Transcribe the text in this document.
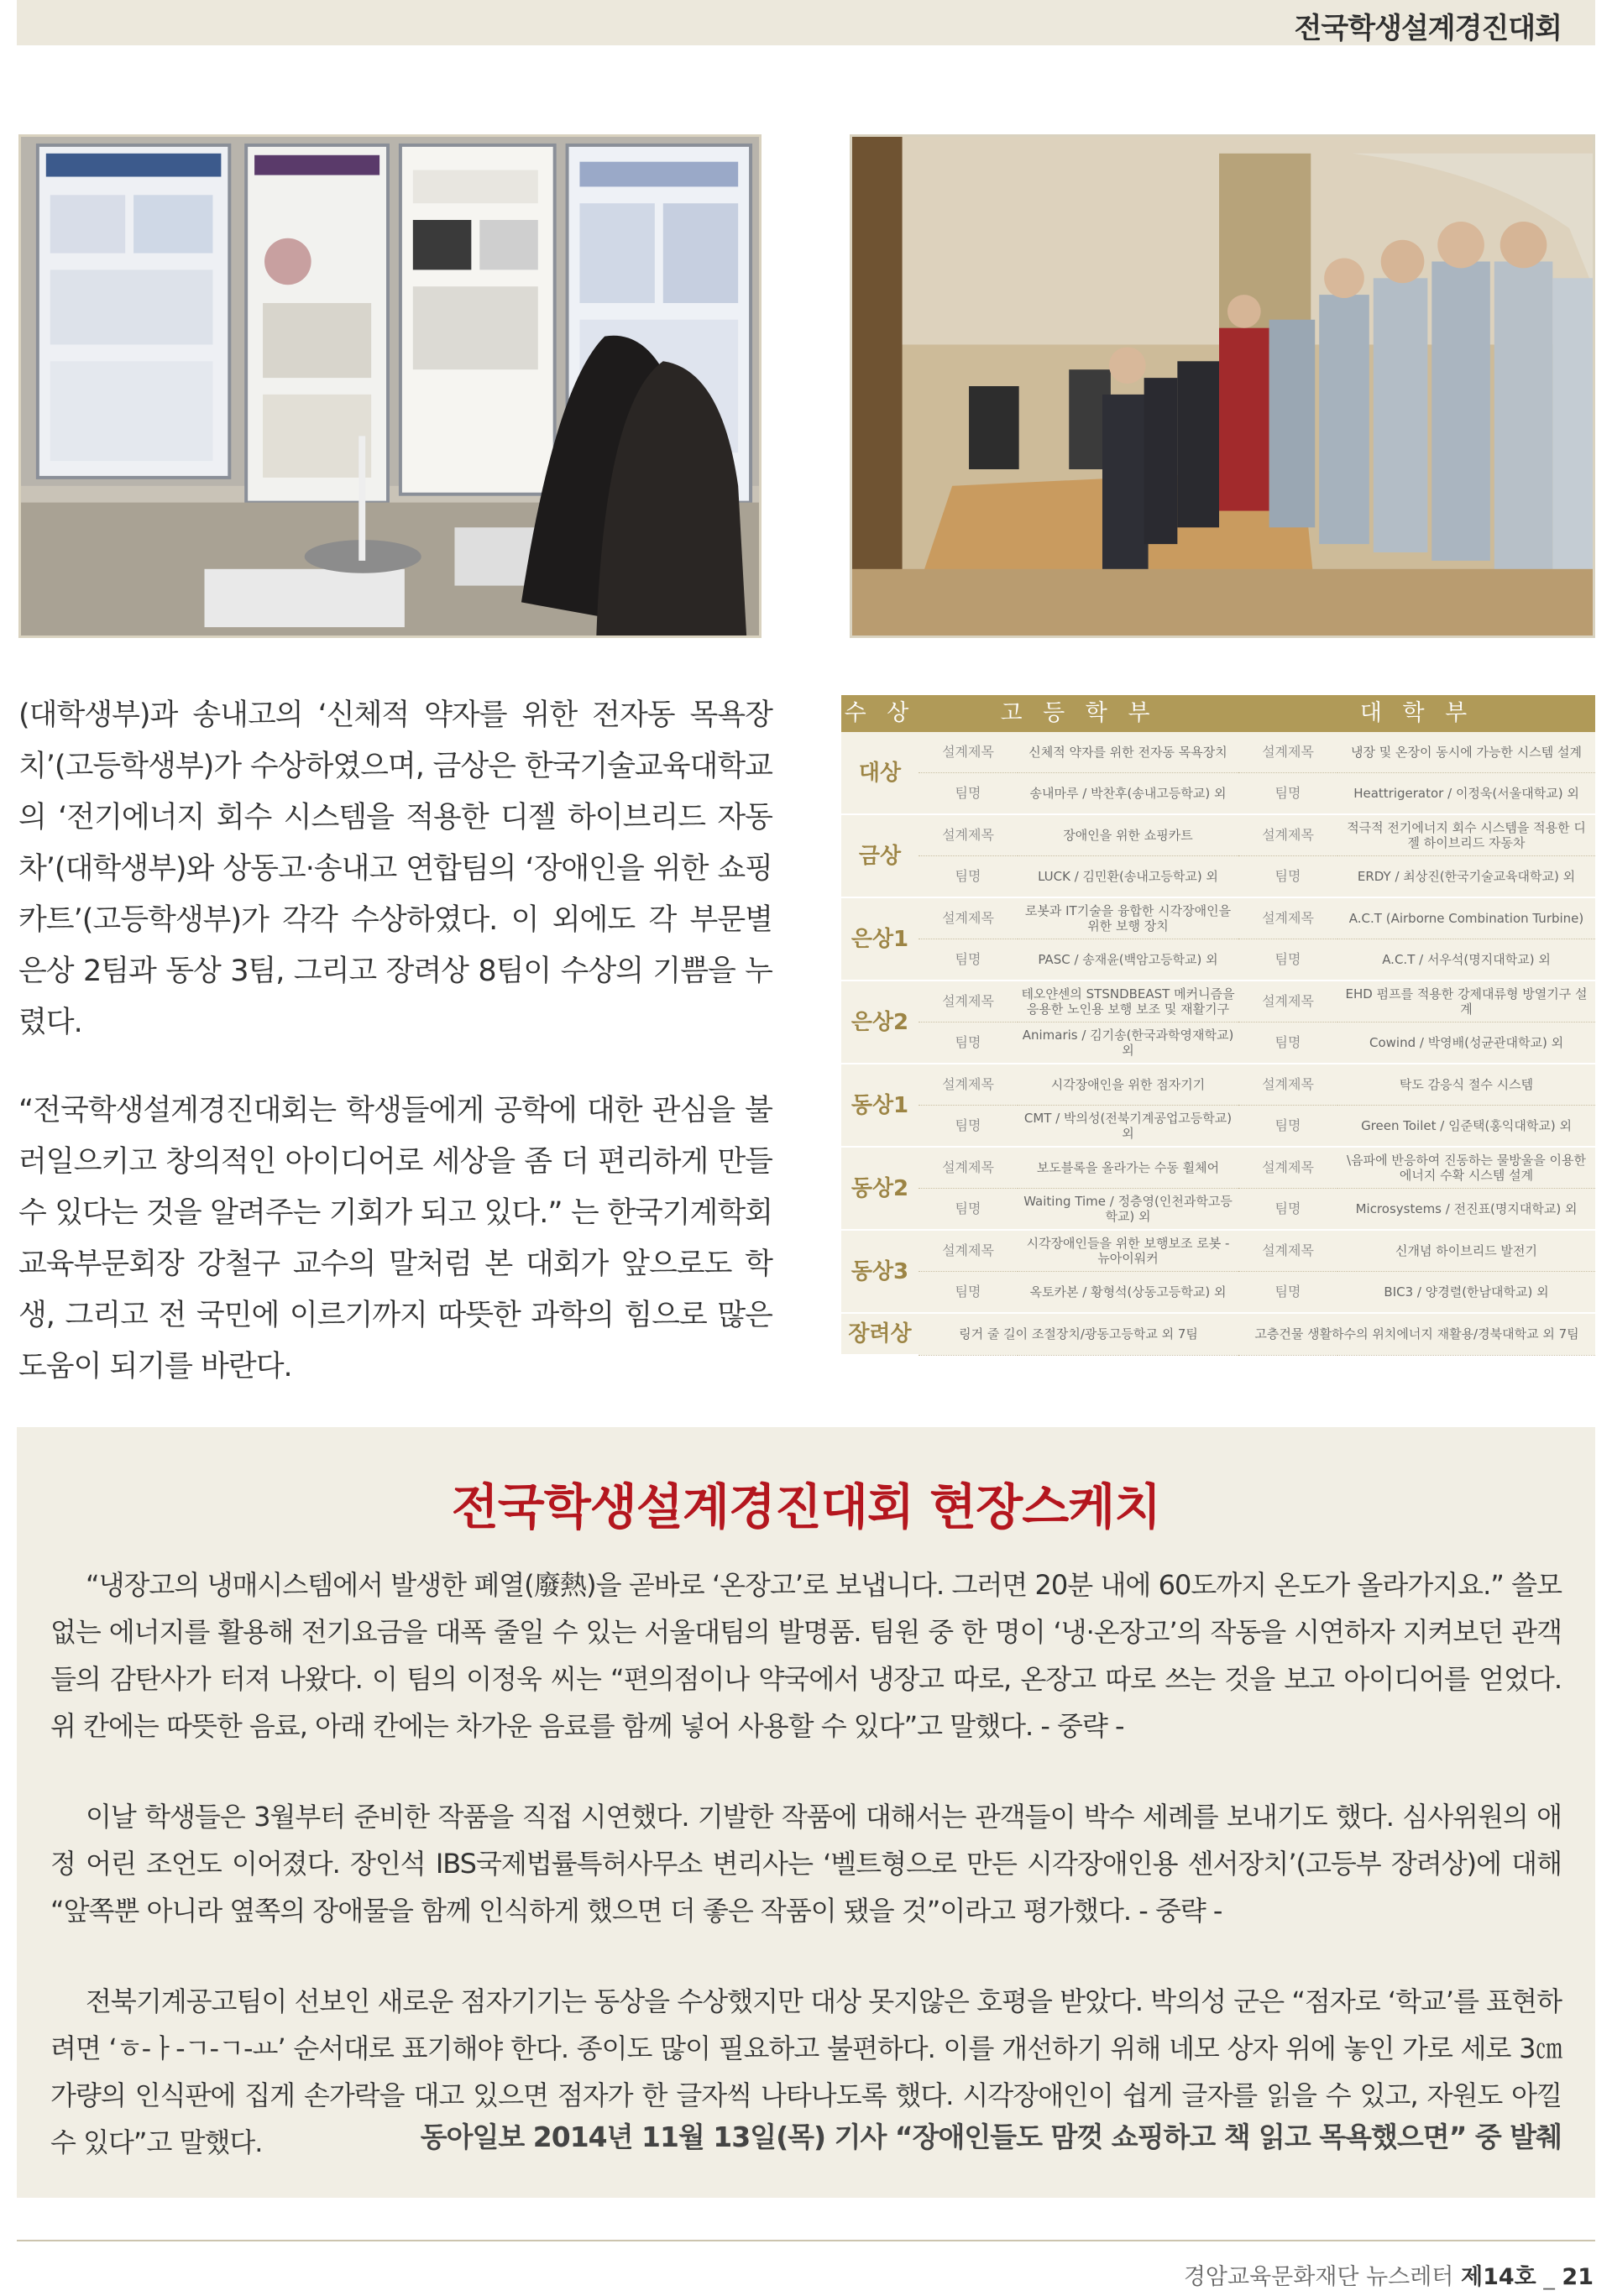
전국학생설계경진대회

(대학생부)과 송내고의 ‘신체적 약자를 위한 전자동 목욕장치’(고등학생부)가 수상하였으며, 금상은 한국기술교육대학교의 ‘전기에너지 회수 시스템을 적용한 디젤 하이브리드 자동차’(대학생부)와 상동고·송내고 연합팀의 ‘장애인을 위한 쇼핑카트’(고등학생부)가 각각 수상하였다. 이 외에도 각 부문별 은상 2팀과 동상 3팀, 그리고 장려상 8팀이 수상의 기쁨을 누렸다.

“전국학생설계경진대회는 학생들에게 공학에 대한 관심을 불러일으키고 창의적인 아이디어로 세상을 좀 더 편리하게 만들 수 있다는 것을 알려주는 기회가 되고 있다.” 는 한국기계학회 교육부문회장 강철구 교수의 말처럼 본 대회가 앞으로도 학생, 그리고 전 국민에 이르기까지 따뜻한 과학의 힘으로 많은 도움이 되기를 바란다.

수 상	고 등 학 부		대 학 부	
대상	설계제목	신체적 약자를 위한 전자동 목욕장치	설계제목	냉장 및 온장이 동시에 가능한 시스템 설계
	팀명	송내마루 / 박찬후(송내고등학교) 외	팀명	Heattrigerator / 이정욱(서울대학교) 외
금상	설계제목	장애인을 위한 쇼핑카트	설계제목	적극적 전기에너지 회수 시스템을 적용한 디젤 하이브리드 자동차
	팀명	LUCK / 김민환(송내고등학교) 외	팀명	ERDY / 최상진(한국기술교육대학교) 외
은상1	설계제목	로봇과 IT기술을 융합한 시각장애인을 위한 보행 장치	설계제목	A.C.T (Airborne Combination Turbine)
	팀명	PASC / 송재윤(백암고등학교) 외	팀명	A.C.T / 서우석(명지대학교) 외
은상2	설계제목	테오얀센의 STSNDBEAST 메커니즘을 응용한 노인용 보행 보조 및 재활기구	설계제목	EHD 펌프를 적용한 강제대류형 방열기구 설계
	팀명	Animaris / 김기송(한국과학영재학교) 외	팀명	Cowind / 박영배(성균관대학교) 외
동상1	설계제목	시각장애인을 위한 점자기기	설계제목	탁도 감응식 절수 시스템
	팀명	CMT / 박의성(전북기계공업고등학교) 외	팀명	Green Toilet / 임준택(홍익대학교) 외
동상2	설계제목	보도블록을 올라가는 수동 휠체어	설계제목	\음파에 반응하여 진동하는 물방울을 이용한 에너지 수확 시스템 설계
	팀명	Waiting Time / 정층영(인천과학고등학교) 외	팀명	Microsystems / 전진표(명지대학교) 외
동상3	설계제목	시각장애인들을 위한 보행보조 로봇 - 뉴아이워커	설계제목	신개념 하이브리드 발전기
	팀명	옥토카본 / 황형석(상동고등학교) 외	팀명	BIC3 / 양경렬(한남대학교) 외
장려상	링거 줄 길이 조절장치/광동고등학교 외 7팀		고층건물 생활하수의 위치에너지 재활용/경북대학교 외 7팀	
전국학생설계경진대회 현장스케치

“냉장고의 냉매시스템에서 발생한 폐열(廢熱)을 곧바로 ‘온장고’로 보냅니다. 그러면 20분 내에 60도까지 온도가 올라가지요.” 쓸모없는 에너지를 활용해 전기요금을 대폭 줄일 수 있는 서울대팀의 발명품. 팀원 중 한 명이 ‘냉·온장고’의 작동을 시연하자 지켜보던 관객들의 감탄사가 터져 나왔다. 이 팀의 이정욱 씨는 “편의점이나 약국에서 냉장고 따로, 온장고 따로 쓰는 것을 보고 아이디어를 얻었다. 위 칸에는 따뜻한 음료, 아래 칸에는 차가운 음료를 함께 넣어 사용할 수 있다”고 말했다. - 중략 -

이날 학생들은 3월부터 준비한 작품을 직접 시연했다. 기발한 작품에 대해서는 관객들이 박수 세례를 보내기도 했다. 심사위원의 애정 어린 조언도 이어졌다. 장인석 IBS국제법률특허사무소 변리사는 ‘벨트형으로 만든 시각장애인용 센서장치’(고등부 장려상)에 대해 “앞쪽뿐 아니라 옆쪽의 장애물을 함께 인식하게 했으면 더 좋은 작품이 됐을 것”이라고 평가했다. - 중략 -

전북기계공고팀이 선보인 새로운 점자기기는 동상을 수상했지만 대상 못지않은 호평을 받았다. 박의성 군은 “점자로 ‘학교’를 표현하려면 ‘ㅎ-ㅏ-ㄱ-ㄱ-ㅛ’ 순서대로 표기해야 한다. 종이도 많이 필요하고 불편하다. 이를 개선하기 위해 네모 상자 위에 놓인 가로 세로 3㎝가량의 인식판에 집게 손가락을 대고 있으면 점자가 한 글자씩 나타나도록 했다. 시각장애인이 쉽게 글자를 읽을 수 있고, 자원도 아낄 수 있다”고 말했다.	동아일보 2014년 11월 13일(목) 기사 “장애인들도 맘껏 쇼핑하고 책 읽고 목욕했으면” 중 발췌
경암교육문화재단 뉴스레터 제14호 _ 21
